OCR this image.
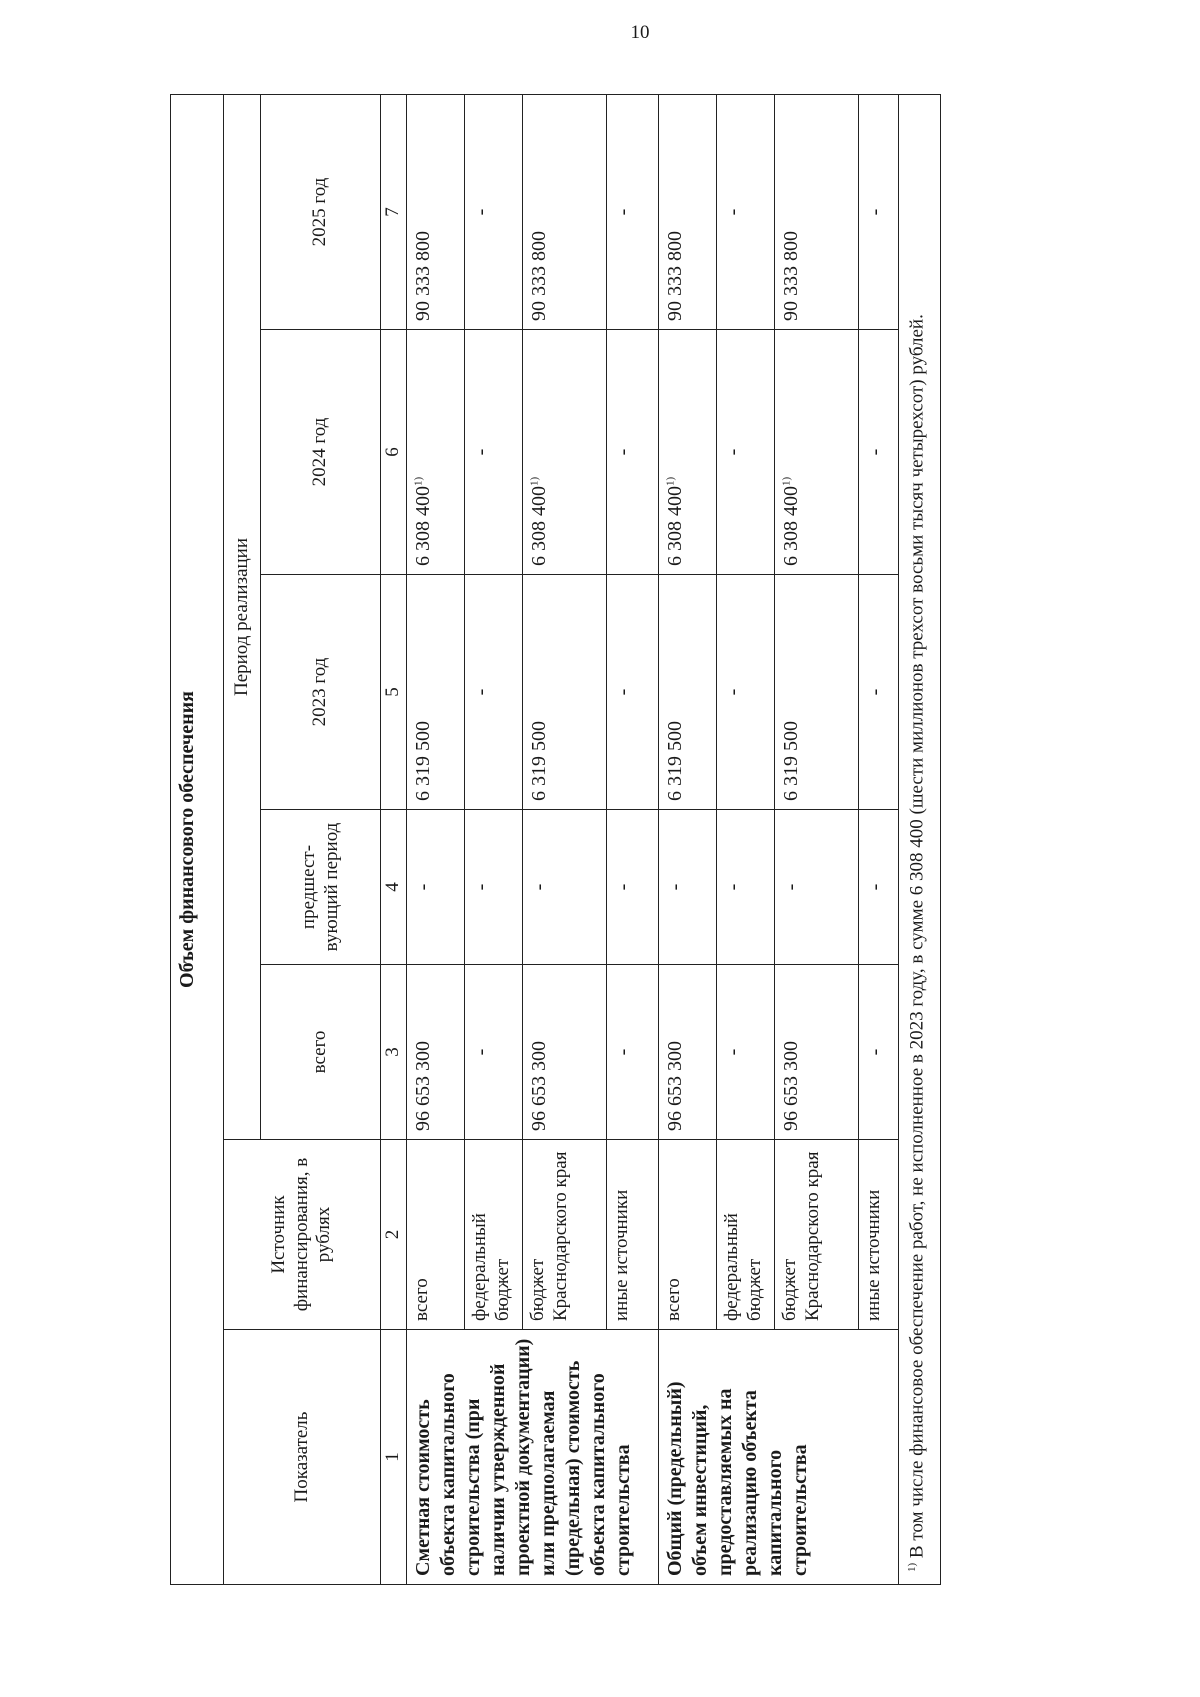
10
Объем финансового обеспечения						
Показатель	Источник финансирования, в рублях	Период реализации				
		всего	предшест-вующий период	2023 год	2024 год	2025 год
1	2	3	4	5	6	7
Сметная стоимость объекта капитального строительства (при наличии утвержденной проектной документации) или предполагаемая (предельная) стоимость объекта капитального строительства	всего	96 653 300	-	6 319 500	6 308 400$^{1)}$	90 333 800
	федеральный бюджет	-	-	-	-	-
	бюджет Краснодарского края	96 653 300	-	6 319 500	6 308 400$^{1)}$	90 333 800
	иные источники	-	-	-	-	-
Общий (предельный) объем инвестиций, предоставляемых на реализацию объекта капитального строительства	всего	96 653 300	-	6 319 500	6 308 400$^{1)}$	90 333 800
	федеральный бюджет	-	-	-	-	-
	бюджет Краснодарского края	96 653 300	-	6 319 500	6 308 400$^{1)}$	90 333 800
	иные источники	-	-	-	-	-
$^{1)}$ В том числе финансовое обеспечение работ, не исполненное в 2023 году, в сумме 6 308 400 (шести миллионов трехсот восьми тысяч четырехсот) рублей.						
